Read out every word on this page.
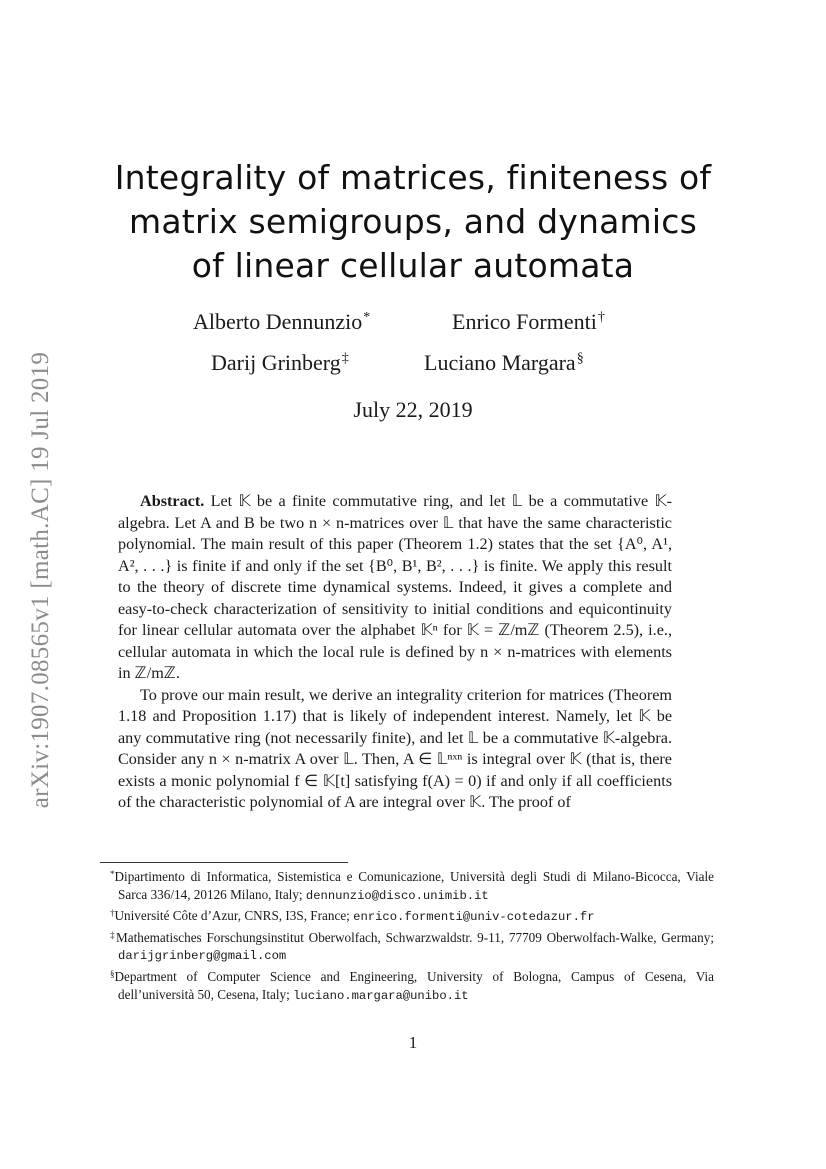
arXiv:1907.08565v1 [math.AC] 19 Jul 2019
Integrality of matrices, finiteness of
matrix semigroups, and dynamics
of linear cellular automata
Alberto Dennunzio*	Enrico Formenti†
Darij Grinberg‡	Luciano Margara§
July 22, 2019

Abstract. Let 𝕂 be a finite commutative ring, and let 𝕃 be a commutative 𝕂-algebra. Let A and B be two n × n-matrices over 𝕃 that have the same characteristic polynomial. The main result of this paper (Theorem 1.2) states that the set {A⁰, A¹, A², . . .} is finite if and only if the set {B⁰, B¹, B², . . .} is finite. We apply this result to the theory of discrete time dynamical systems. Indeed, it gives a complete and easy-to-check characterization of sensitivity to initial conditions and equicontinuity for linear cellular automata over the alphabet 𝕂ⁿ for 𝕂 = ℤ/mℤ (Theorem 2.5), i.e., cellular automata in which the local rule is defined by n × n-matrices with elements in ℤ/mℤ.

To prove our main result, we derive an integrality criterion for matrices (Theorem 1.18 and Proposition 1.17) that is likely of independent interest. Namely, let 𝕂 be any commutative ring (not necessarily finite), and let 𝕃 be a commutative 𝕂-algebra. Consider any n × n-matrix A over 𝕃. Then, A ∈ 𝕃ⁿˣⁿ is integral over 𝕂 (that is, there exists a monic polynomial f ∈ 𝕂[t] satisfying f(A) = 0) if and only if all coefficients of the characteristic polynomial of A are integral over 𝕂. The proof of

*Dipartimento di Informatica, Sistemistica e Comunicazione, Università degli Studi di Milano-Bicocca, Viale Sarca 336/14, 20126 Milano, Italy; dennunzio@disco.unimib.it

†Université Côte d’Azur, CNRS, I3S, France; enrico.formenti@univ-cotedazur.fr

‡Mathematisches Forschungsinstitut Oberwolfach, Schwarzwaldstr. 9-11, 77709 Oberwolfach-Walke, Germany; darijgrinberg@gmail.com

§Department of Computer Science and Engineering, University of Bologna, Campus of Cesena, Via dell’università 50, Cesena, Italy; luciano.margara@unibo.it

1
